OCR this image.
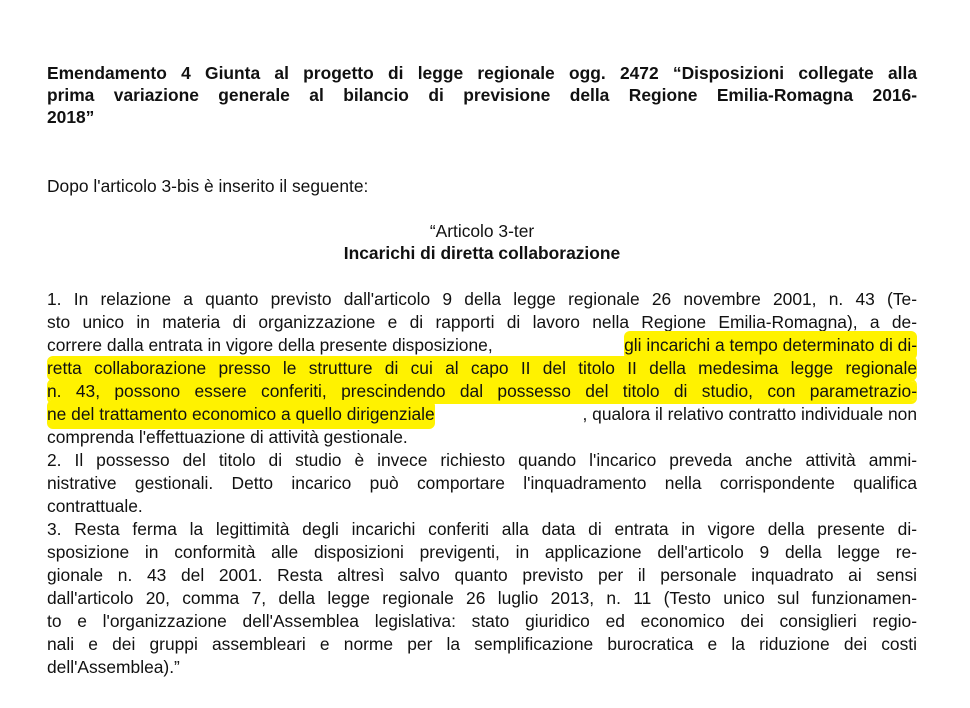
Emendamento 4 Giunta al progetto di legge regionale ogg. 2472 “Disposizioni collegate alla
prima variazione generale al bilancio di previsione della Regione Emilia-Romagna 2016-
2018”
Dopo l'articolo 3-bis è inserito il seguente:
“Articolo 3-ter
Incarichi di diretta collaborazione
1. In relazione a quanto previsto dall'articolo 9 della legge regionale 26 novembre 2001, n. 43 (Te-
sto unico in materia di organizzazione e di rapporti di lavoro nella Regione Emilia-Romagna), a de-
correre dalla entrata in vigore della presente disposizione,	gli incarichi a tempo determinato di di-
retta collaborazione presso le strutture di cui al capo II del titolo II della medesima legge regionale
n. 43, possono essere conferiti, prescindendo dal possesso del titolo di studio, con parametrazio-
ne del trattamento economico a quello dirigenziale	, qualora il relativo contratto individuale non
comprenda l'effettuazione di attività gestionale.
2. Il possesso del titolo di studio è invece richiesto quando l'incarico preveda anche attività ammi-
nistrative gestionali. Detto incarico può comportare l'inquadramento nella corrispondente qualifica
contrattuale.
3. Resta ferma la legittimità degli incarichi conferiti alla data di entrata in vigore della presente di-
sposizione in conformità alle disposizioni previgenti, in applicazione dell'articolo 9 della legge re-
gionale n. 43 del 2001. Resta altresì salvo quanto previsto per il personale inquadrato ai sensi
dall'articolo 20, comma 7, della legge regionale 26 luglio 2013, n. 11 (Testo unico sul funzionamen-
to e l'organizzazione dell'Assemblea legislativa: stato giuridico ed economico dei consiglieri regio-
nali e dei gruppi assembleari e norme per la semplificazione burocratica e la riduzione dei costi
dell'Assemblea).”
